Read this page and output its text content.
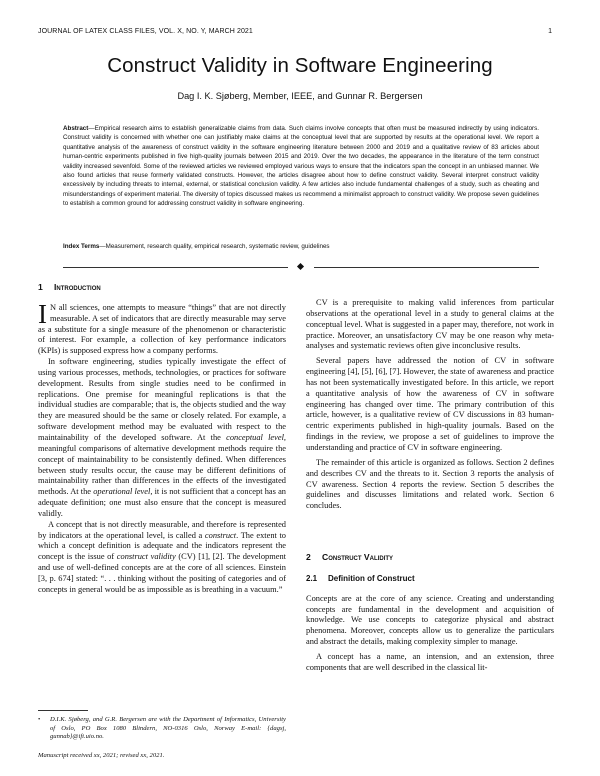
JOURNAL OF LATEX CLASS FILES, VOL. X, NO. Y, MARCH 2021	1
Construct Validity in Software Engineering
Dag I. K. Sjøberg, Member, IEEE, and Gunnar R. Bergersen
Abstract—Empirical research aims to establish generalizable claims from data. Such claims involve concepts that often must be measured indirectly by using indicators. Construct validity is concerned with whether one can justifiably make claims at the conceptual level that are supported by results at the operational level. We report a quantitative analysis of the awareness of construct validity in the software engineering literature between 2000 and 2019 and a qualitative review of 83 articles about human-centric experiments published in five high-quality journals between 2015 and 2019. Over the two decades, the appearance in the literature of the term construct validity increased sevenfold. Some of the reviewed articles we reviewed employed various ways to ensure that the indicators span the concept in an unbiased manner. We also found articles that reuse formerly validated constructs. However, the articles disagree about how to define construct validity. Several interpret construct validity excessively by including threats to internal, external, or statistical conclusion validity. A few articles also include fundamental challenges of a study, such as cheating and misunderstandings of experiment material. The diversity of topics discussed makes us recommend a minimalist approach to construct validity. We propose seven guidelines to establish a common ground for addressing construct validity in software engineering.
Index Terms—Measurement, research quality, empirical research, systematic review, guidelines
1 Introduction

I N all sciences, one attempts to measure “things” that are not directly measurable. A set of indicators that are directly measurable may serve as a substitute for a single measure of the phenomenon or characteristic of interest. For example, a collection of key performance indicators (KPIs) is supposed express how a company performs.

In software engineering, studies typically investigate the effect of using various processes, methods, technologies, or practices for software development. Results from single studies need to be confirmed in replications. One premise for meaningful replications is that the individual studies are comparable; that is, the objects studied and the way they are measured should be the same or closely related. For example, a software development method may be evaluated with respect to the maintainability of the developed software. At the conceptual level, meaningful comparisons of alternative development methods require the concept of maintainability to be consistently defined. When differences between study results occur, the cause may be different definitions of maintainability rather than differences in the effects of the investigated methods. At the operational level, it is not sufficient that a concept has an adequate definition; one must also ensure that the concept is measured validly.

A concept that is not directly measurable, and therefore is represented by indicators at the operational level, is called a construct. The extent to which a concept definition is adequate and the indicators represent the concept is the issue of construct validity (CV) [1], [2]. The development and use of well-defined concepts are at the core of all sciences. Einstein [3, p. 674] stated: “. . . thinking without the positing of categories and of concepts in general would be as impossible as is breathing in a vacuum.”

CV is a prerequisite to making valid inferences from particular observations at the operational level in a study to general claims at the conceptual level. What is suggested in a paper may, therefore, not work in practice. Moreover, an unsatisfactory CV may be one reason why meta-analyses and systematic reviews often give inconclusive results.

Several papers have addressed the notion of CV in software engineering [4], [5], [6], [7]. However, the state of awareness and practice has not been systematically investigated before. In this article, we report a quantitative analysis of how the awareness of CV in software engineering has changed over time. The primary contribution of this article, however, is a qualitative review of CV discussions in 83 human-centric experiments published in high-quality journals. Based on the findings in the review, we propose a set of guidelines to improve the understanding and practice of CV in software engineering.

The remainder of this article is organized as follows. Section 2 defines and describes CV and the threats to it. Section 3 reports the analysis of CV awareness. Section 4 reports the review. Section 5 describes the guidelines and discusses limitations and related work. Section 6 concludes.

2 Construct Validity
2.1 Definition of Construct

Concepts are at the core of any science. Creating and understanding concepts are fundamental in the development and acquisition of knowledge. We use concepts to categorize physical and abstract phenomena. Moreover, concepts allow us to generalize the particulars and abstract the details, making complexity simpler to manage.

A concept has a name, an intension, and an extension, three components that are well described in the classical lit-

• D.I.K. Sjøberg, and G.R. Bergersen are with the Department of Informatics, University of Oslo, PO Box 1080 Blindern, NO-0316 Oslo, Norway E-mail: {dagsj, gunnab}@ifi.uio.no.
Manuscript received xx, 2021; revised xx, 2021.
